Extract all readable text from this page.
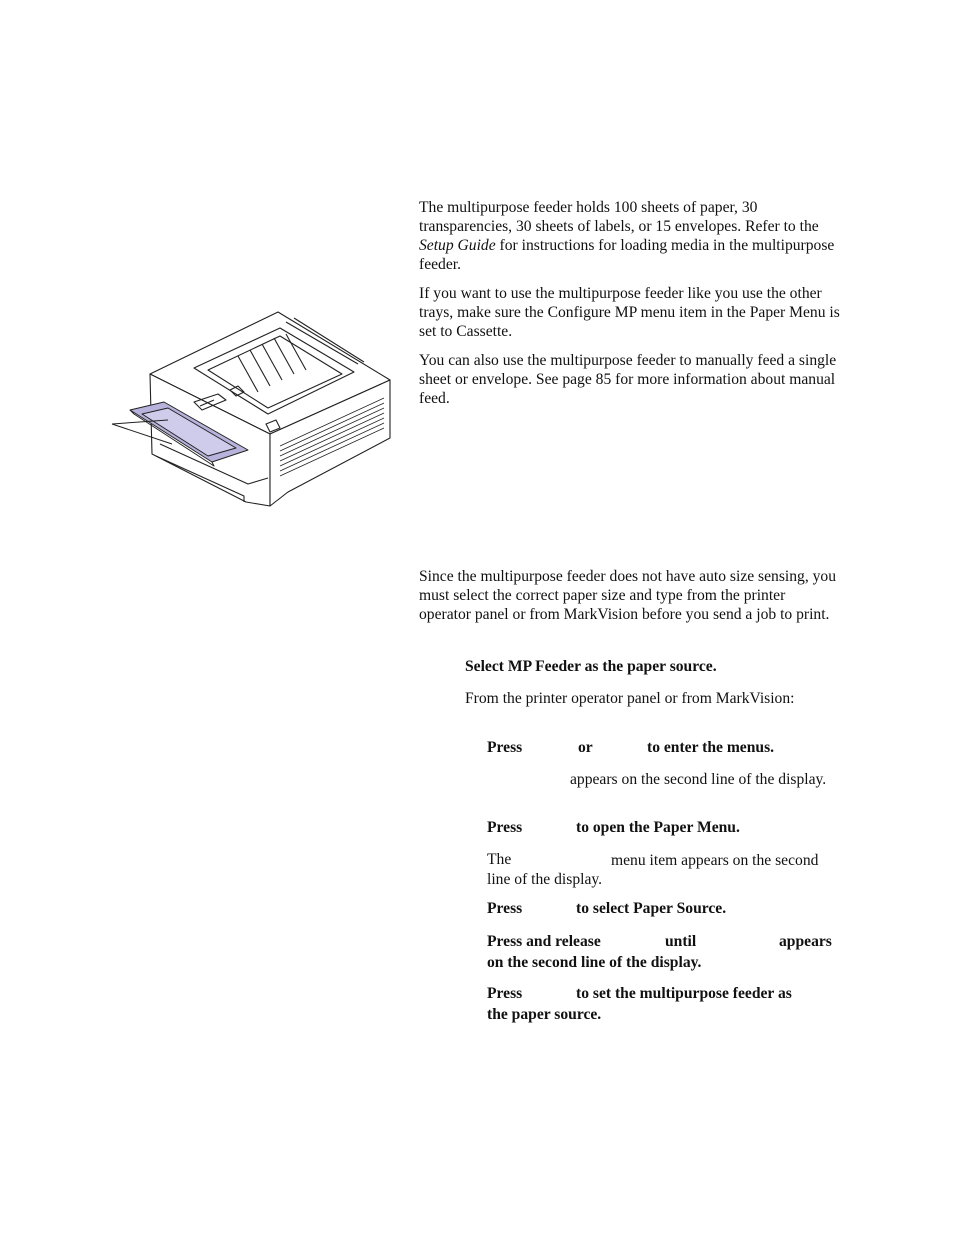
The multipurpose feeder holds 100 sheets of paper, 30 transparencies, 30 sheets of labels, or 15 envelopes. Refer to the Setup Guide for instructions for loading media in the multipurpose feeder.

If you want to use the multipurpose feeder like you use the other trays, make sure the Configure MP menu item in the Paper Menu is set to Cassette.

You can also use the multipurpose feeder to manually feed a single sheet or envelope. See page 85 for more information about manual feed.

Since the multipurpose feeder does not have auto size sensing, you must select the correct paper size and type from the printer operator panel or from MarkVision before you send a job to print.

Select MP Feeder as the paper source.

From the printer operator panel or from MarkVision:

Press	or	to enter the menus.

appears on the second line of the display.

Press	to open the Paper Menu.
The	menu item appears on the second line of the display.

Press	to select Paper Source.
Press and release	until	appears
on the second line of the display.
Press	to set the multipurpose feeder as
the paper source.
